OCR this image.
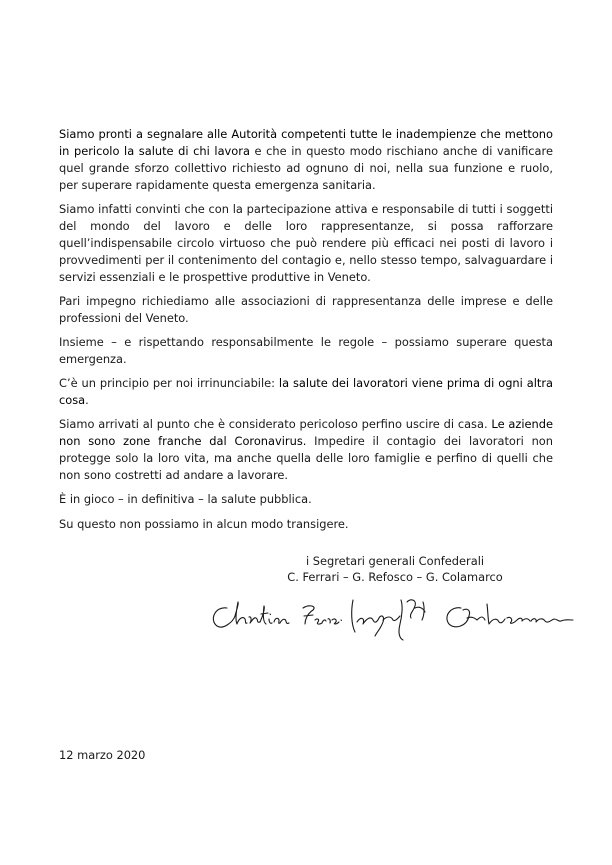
Siamo pronti a segnalare alle Autorità competenti tutte le inadempienze che mettono in pericolo la salute di chi lavora e che in questo modo rischiano anche di vanificare quel grande sforzo collettivo richiesto ad ognuno di noi, nella sua funzione e ruolo, per superare rapidamente questa emergenza sanitaria.

Siamo infatti convinti che con la partecipazione attiva e responsabile di tutti i soggetti del mondo del lavoro e delle loro rappresentanze, si possa rafforzare quell’indispensabile circolo virtuoso che può rendere più efficaci nei posti di lavoro i provvedimenti per il contenimento del contagio e, nello stesso tempo, salvaguardare i servizi essenziali e le prospettive produttive in Veneto.

Pari impegno richiediamo alle associazioni di rappresentanza delle imprese e delle professioni del Veneto.

Insieme – e rispettando responsabilmente le regole – possiamo superare questa emergenza.

C’è un principio per noi irrinunciabile: la salute dei lavoratori viene prima di ogni altra cosa.

Siamo arrivati al punto che è considerato pericoloso perfino uscire di casa. Le aziende non sono zone franche dal Coronavirus. Impedire il contagio dei lavoratori non protegge solo la loro vita, ma anche quella delle loro famiglie e perfino di quelli che non sono costretti ad andare a lavorare.

È in gioco – in definitiva – la salute pubblica.

Su questo non possiamo in alcun modo transigere.

i Segretari generali Confederali
C. Ferrari – G. Refosco – G. Colamarco
12 marzo 2020
